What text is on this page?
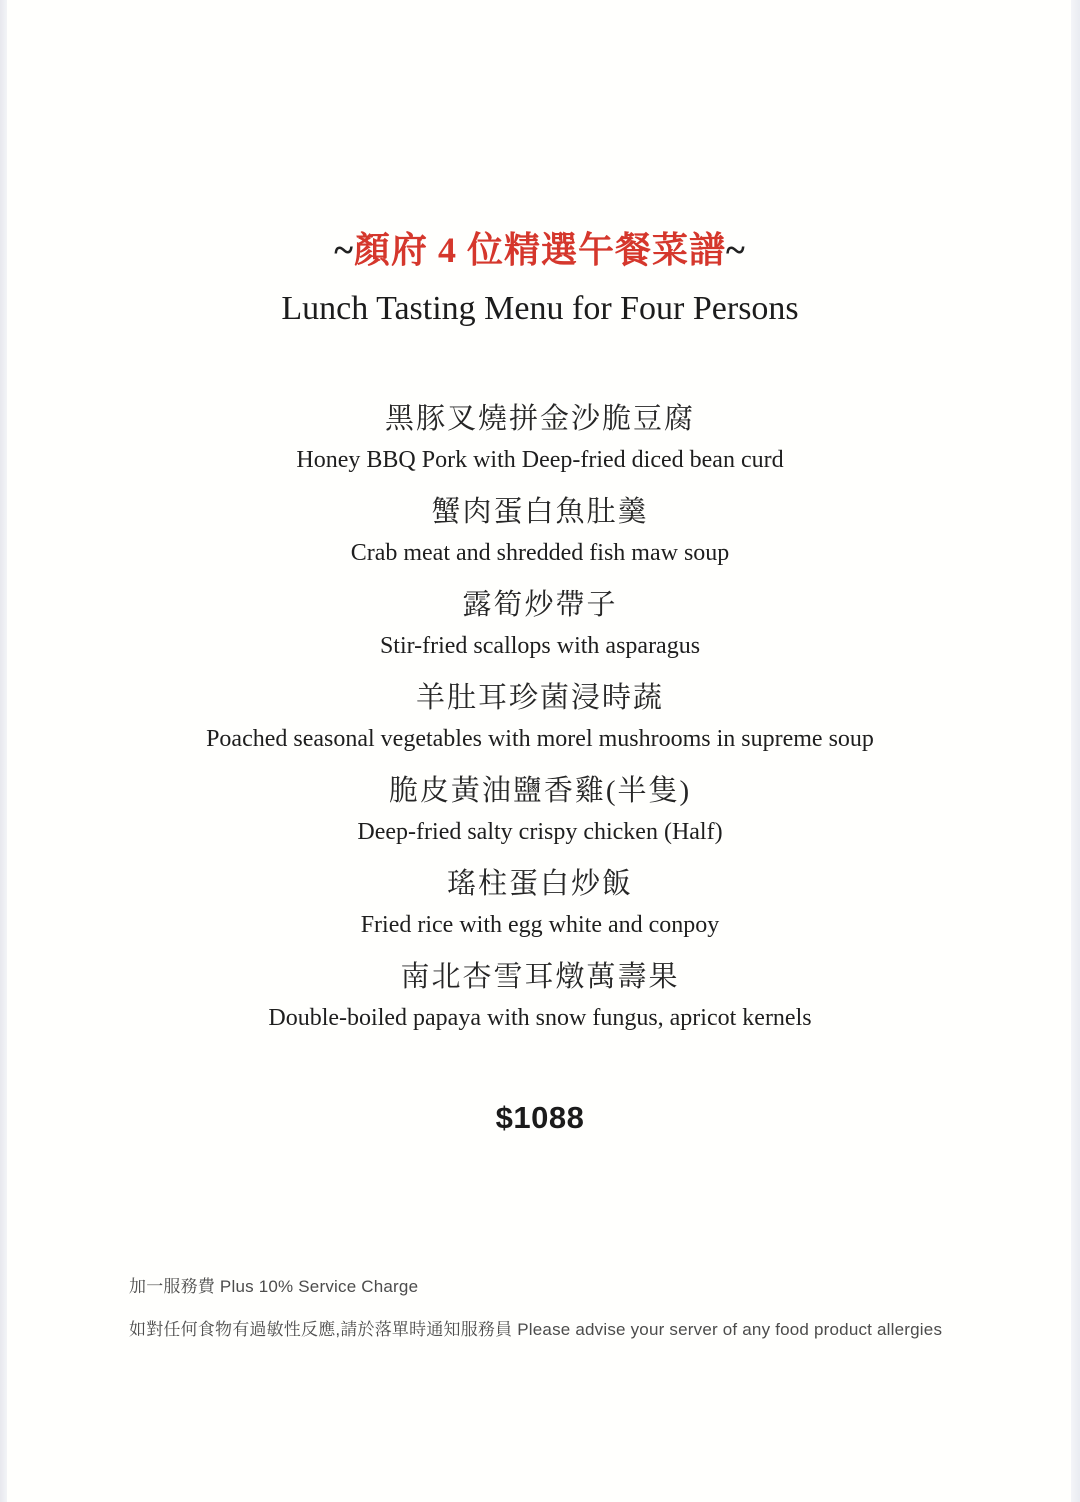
~顏府 4 位精選午餐菜譜~
Lunch Tasting Menu for Four Persons
黑豚叉燒拼金沙脆豆腐
Honey BBQ Pork with Deep-fried diced bean curd
蟹肉蛋白魚肚羹
Crab meat and shredded fish maw soup
露筍炒帶子
Stir-fried scallops with asparagus
羊肚耳珍菌浸時蔬
Poached seasonal vegetables with morel mushrooms in supreme soup
脆皮黃油鹽香雞(半隻)
Deep-fried salty crispy chicken (Half)
瑤柱蛋白炒飯
Fried rice with egg white and conpoy
南北杏雪耳燉萬壽果
Double-boiled papaya with snow fungus, apricot kernels
$1088
加一服務費 Plus 10% Service Charge
如對任何食物有過敏性反應,請於落單時通知服務員 Please advise your server of any food product allergies
